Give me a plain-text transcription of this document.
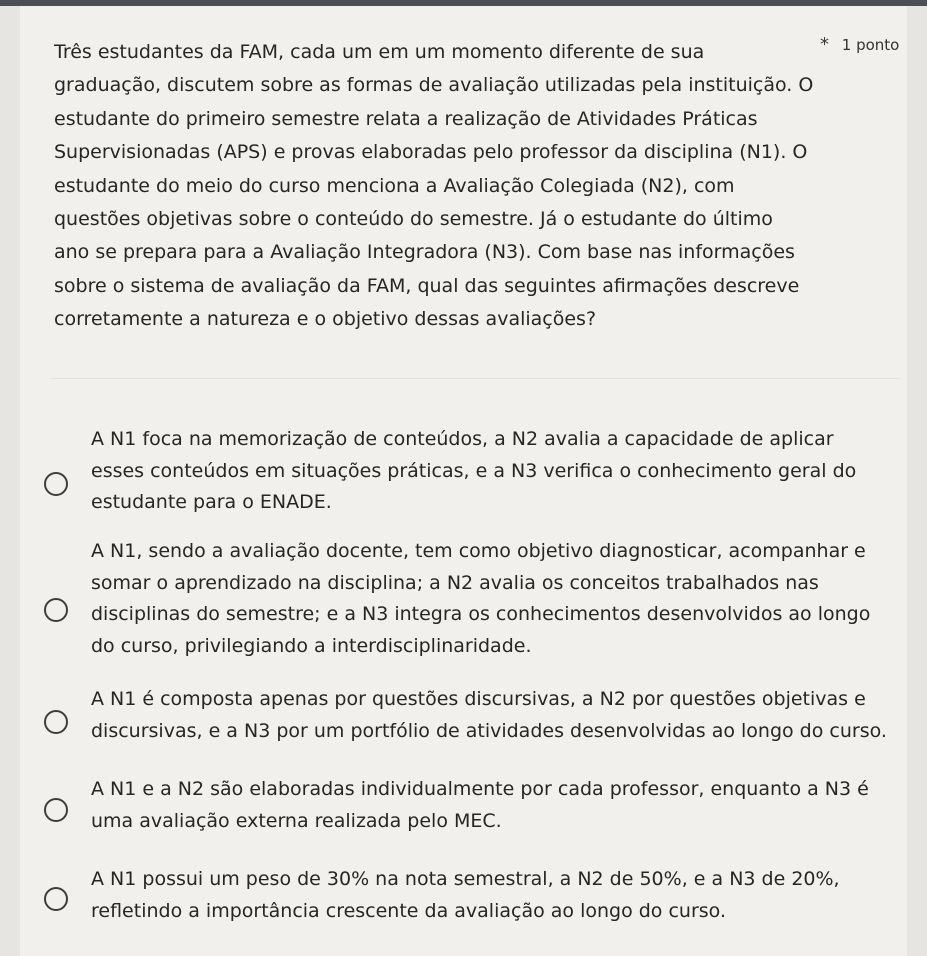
Três estudantes da FAM, cada um em um momento diferente de sua graduação, discutem sobre as formas de avaliação utilizadas pela instituição. O estudante do primeiro semestre relata a realização de Atividades Práticas Supervisionadas (APS) e provas elaboradas pelo professor da disciplina (N1). O estudante do meio do curso menciona a Avaliação Colegiada (N2), com questões objetivas sobre o conteúdo do semestre. Já o estudante do último ano se prepara para a Avaliação Integradora (N3). Com base nas informações sobre o sistema de avaliação da FAM, qual das seguintes afirmações descreve corretamente a natureza e o objetivo dessas avaliações?
* 1 ponto
A N1 foca na memorização de conteúdos, a N2 avalia a capacidade de aplicar esses conteúdos em situações práticas, e a N3 verifica o conhecimento geral do estudante para o ENADE.
A N1, sendo a avaliação docente, tem como objetivo diagnosticar, acompanhar e somar o aprendizado na disciplina; a N2 avalia os conceitos trabalhados nas disciplinas do semestre; e a N3 integra os conhecimentos desenvolvidos ao longo do curso, privilegiando a interdisciplinaridade.
A N1 é composta apenas por questões discursivas, a N2 por questões objetivas e discursivas, e a N3 por um portfólio de atividades desenvolvidas ao longo do curso.
A N1 e a N2 são elaboradas individualmente por cada professor, enquanto a N3 é uma avaliação externa realizada pelo MEC.
A N1 possui um peso de 30% na nota semestral, a N2 de 50%, e a N3 de 20%, refletindo a importância crescente da avaliação ao longo do curso.
